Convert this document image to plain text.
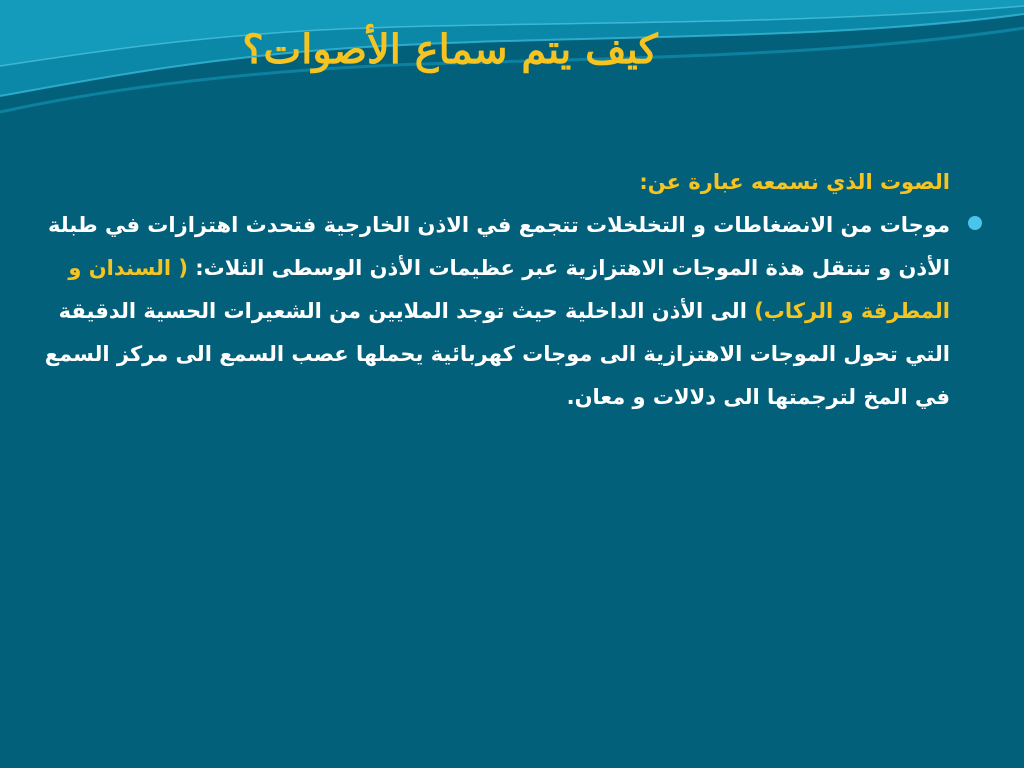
كيف يتم سماع الأصوات؟

الصوت الذي نسمعه عبارة عن:

موجات من الانضغاطات و التخلخلات تتجمع في الاذن الخارجية فتحدث اهتزازات في طبلة الأذن و تنتقل هذة الموجات الاهتزازية عبر عظيمات الأذن الوسطى الثلاث: ( السندان و المطرقة و الركاب) الى الأذن الداخلية حيث توجد الملايين من الشعيرات الحسية الدقيقة التي تحول الموجات الاهتزازية الى موجات كهربائية يحملها عصب السمع الى مركز السمع في المخ لترجمتها الى دلالات و معان.
